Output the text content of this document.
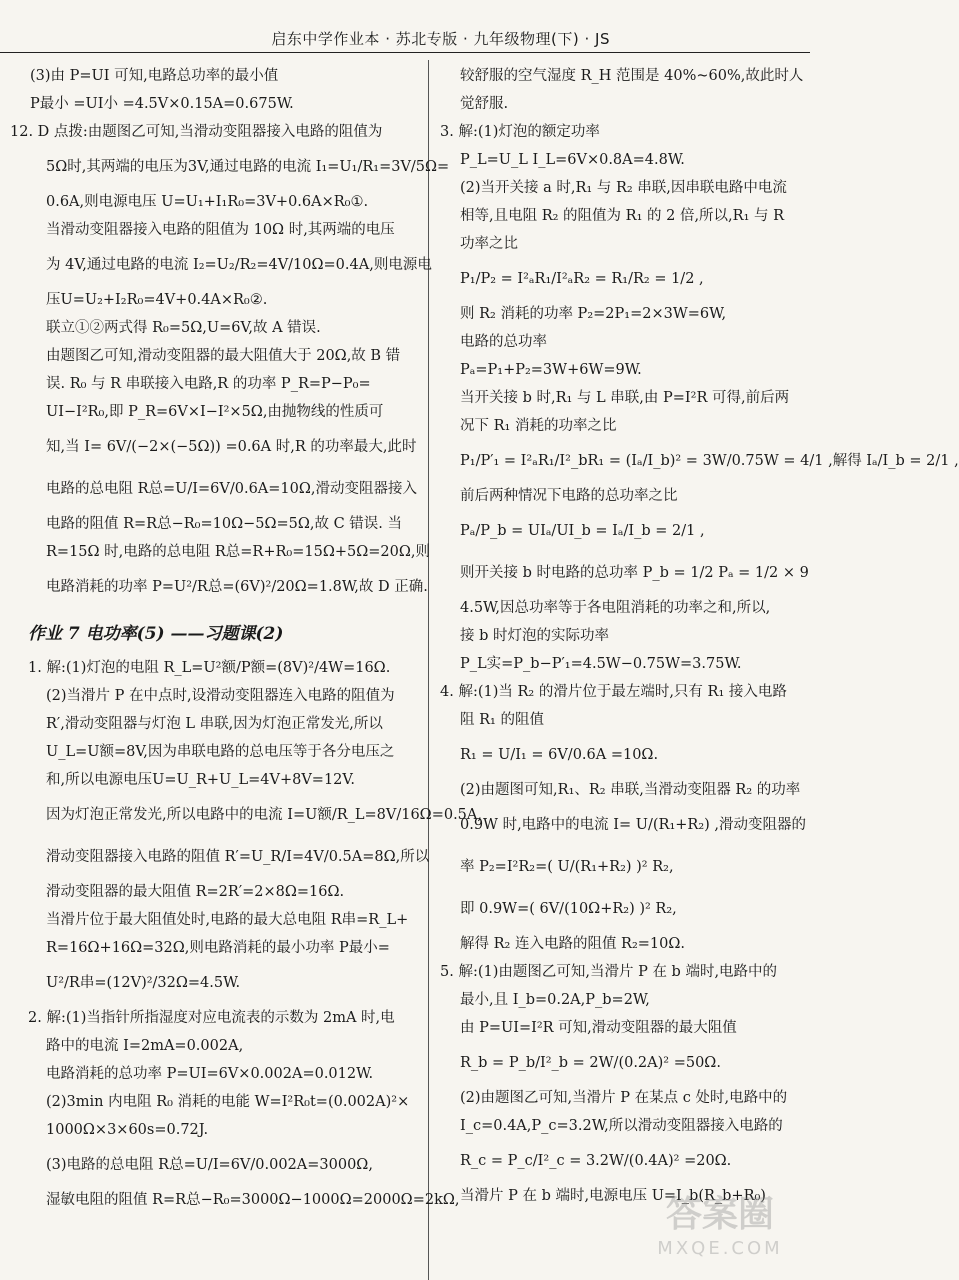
启东中学作业本 · 苏北专版 · 九年级物理(下) · JS
(3)由 P=UI 可知,电路总功率的最小值
P最小 =UI小 =4.5V×0.15A=0.675W.
12. D 点拨:由题图乙可知,当滑动变阻器接入电路的阻值为
5Ω时,其两端的电压为3V,通过电路的电流 I₁=U₁/R₁=3V/5Ω=
0.6A,则电源电压 U=U₁+I₁R₀=3V+0.6A×R₀①.
当滑动变阻器接入电路的阻值为 10Ω 时,其两端的电压
为 4V,通过电路的电流 I₂=U₂/R₂=4V/10Ω=0.4A,则电源电
压U=U₂+I₂R₀=4V+0.4A×R₀②.
联立①②两式得 R₀=5Ω,U=6V,故 A 错误.
由题图乙可知,滑动变阻器的最大阻值大于 20Ω,故 B 错
误. R₀ 与 R 串联接入电路,R 的功率 P_R=P−P₀=
UI−I²R₀,即 P_R=6V×I−I²×5Ω,由抛物线的性质可
知,当 I= 6V/(−2×(−5Ω)) =0.6A 时,R 的功率最大,此时
电路的总电阻 R总=U/I=6V/0.6A=10Ω,滑动变阻器接入
电路的阻值 R=R总−R₀=10Ω−5Ω=5Ω,故 C 错误. 当
R=15Ω 时,电路的总电阻 R总=R+R₀=15Ω+5Ω=20Ω,则
电路消耗的功率 P=U²/R总=(6V)²/20Ω=1.8W,故 D 正确.
作业 7 电功率(5) ——习题课(2)
1. 解:(1)灯泡的电阻 R_L=U²额/P额=(8V)²/4W=16Ω.
(2)当滑片 P 在中点时,设滑动变阻器连入电路的阻值为
R′,滑动变阻器与灯泡 L 串联,因为灯泡正常发光,所以
U_L=U额=8V,因为串联电路的总电压等于各分电压之
和,所以电源电压U=U_R+U_L=4V+8V=12V.
因为灯泡正常发光,所以电路中的电流 I=U额/R_L=8V/16Ω=0.5A,
滑动变阻器接入电路的阻值 R′=U_R/I=4V/0.5A=8Ω,所以
滑动变阻器的最大阻值 R=2R′=2×8Ω=16Ω.
当滑片位于最大阻值处时,电路的最大总电阻 R串=R_L+
R=16Ω+16Ω=32Ω,则电路消耗的最小功率 P最小=
U²/R串=(12V)²/32Ω=4.5W.
2. 解:(1)当指针所指湿度对应电流表的示数为 2mA 时,电
路中的电流 I=2mA=0.002A,
电路消耗的总功率 P=UI=6V×0.002A=0.012W.
(2)3min 内电阻 R₀ 消耗的电能 W=I²R₀t=(0.002A)²×
1000Ω×3×60s=0.72J.
(3)电路的总电阻 R总=U/I=6V/0.002A=3000Ω,
湿敏电阻的阻值 R=R总−R₀=3000Ω−1000Ω=2000Ω=2kΩ,
较舒服的空气湿度 R_H 范围是 40%~60%,故此时人
觉舒服.
3. 解:(1)灯泡的额定功率
P_L=U_L I_L=6V×0.8A=4.8W.
(2)当开关接 a 时,R₁ 与 R₂ 串联,因串联电路中电流
相等,且电阻 R₂ 的阻值为 R₁ 的 2 倍,所以,R₁ 与 R
功率之比
P₁/P₂ = I²ₐR₁/I²ₐR₂ = R₁/R₂ = 1/2 ,
则 R₂ 消耗的功率 P₂=2P₁=2×3W=6W,
电路的总功率
Pₐ=P₁+P₂=3W+6W=9W.
当开关接 b 时,R₁ 与 L 串联,由 P=I²R 可得,前后两
况下 R₁ 消耗的功率之比
P₁/P′₁ = I²ₐR₁/I²_bR₁ = (Iₐ/I_b)² = 3W/0.75W = 4/1 ,解得 Iₐ/I_b = 2/1 ,
前后两种情况下电路的总功率之比
Pₐ/P_b = UIₐ/UI_b = Iₐ/I_b = 2/1 ,
则开关接 b 时电路的总功率 P_b = 1/2 Pₐ = 1/2 × 9
4.5W,因总功率等于各电阻消耗的功率之和,所以,
接 b 时灯泡的实际功率
P_L实=P_b−P′₁=4.5W−0.75W=3.75W.
4. 解:(1)当 R₂ 的滑片位于最左端时,只有 R₁ 接入电路
阻 R₁ 的阻值
R₁ = U/I₁ = 6V/0.6A =10Ω.
(2)由题图可知,R₁、R₂ 串联,当滑动变阻器 R₂ 的功率
0.9W 时,电路中的电流 I= U/(R₁+R₂) ,滑动变阻器的
率 P₂=I²R₂=( U/(R₁+R₂) )² R₂,
即 0.9W=( 6V/(10Ω+R₂) )² R₂,
解得 R₂ 连入电路的阻值 R₂=10Ω.
5. 解:(1)由题图乙可知,当滑片 P 在 b 端时,电路中的
最小,且 I_b=0.2A,P_b=2W,
由 P=UI=I²R 可知,滑动变阻器的最大阻值
R_b = P_b/I²_b = 2W/(0.2A)² =50Ω.
(2)由题图乙可知,当滑片 P 在某点 c 处时,电路中的
I_c=0.4A,P_c=3.2W,所以滑动变阻器接入电路的
R_c = P_c/I²_c = 3.2W/(0.4A)² =20Ω.
当滑片 P 在 b 端时,电源电压 U=I_b(R_b+R₀)
答案圈
MXQE.COM
